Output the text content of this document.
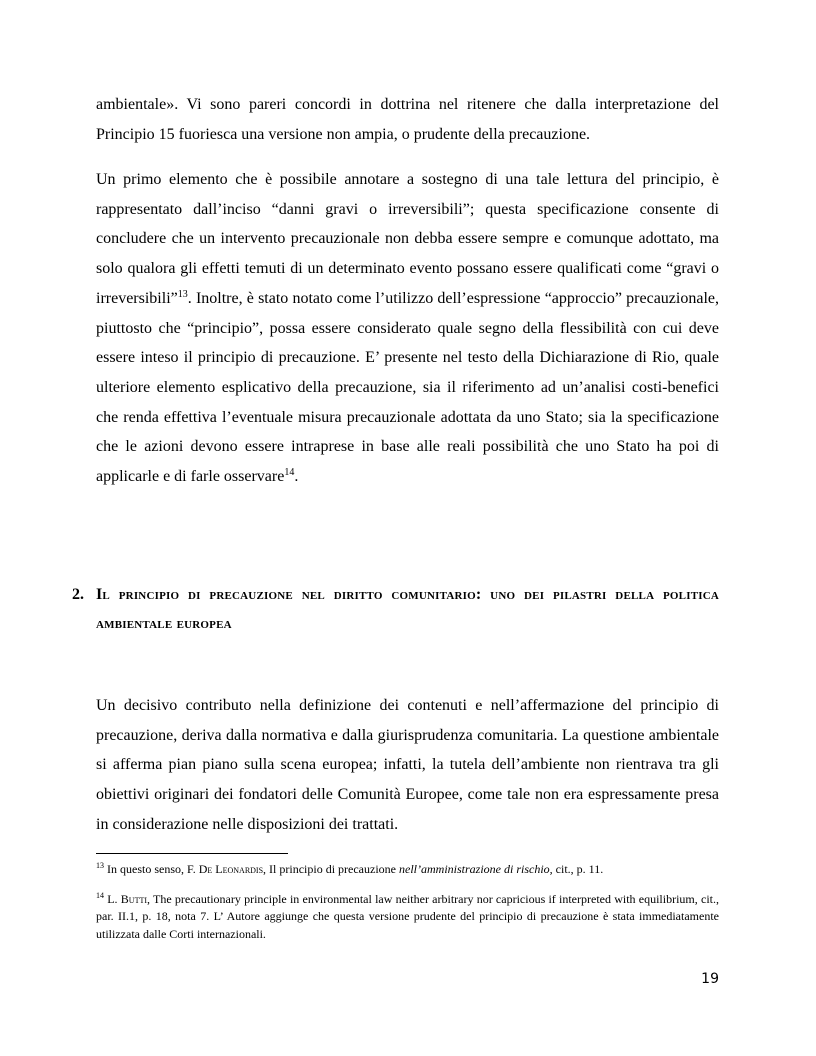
ambientale». Vi sono pareri concordi in dottrina nel ritenere che dalla interpretazione del Principio 15 fuoriesca una versione non ampia, o prudente della precauzione.

Un primo elemento che è possibile annotare a sostegno di una tale lettura del principio, è rappresentato dall’inciso “danni gravi o irreversibili”; questa specificazione consente di concludere che un intervento precauzionale non debba essere sempre e comunque adottato, ma solo qualora gli effetti temuti di un determinato evento possano essere qualificati come “gravi o irreversibili”$^{13}$. Inoltre, è stato notato come l’utilizzo dell’espressione “approccio” precauzionale, piuttosto che “principio”, possa essere considerato quale segno della flessibilità con cui deve essere inteso il principio di precauzione. E’ presente nel testo della Dichiarazione di Rio, quale ulteriore elemento esplicativo della precauzione, sia il riferimento ad un’analisi costi-benefici che renda effettiva l’eventuale misura precauzionale adottata da uno Stato; sia la specificazione che le azioni devono essere intraprese in base alle reali possibilità che uno Stato ha poi di applicarle e di farle osservare$^{14}$.

2. Il principio di precauzione nel diritto comunitario: uno dei pilastri della politica ambientale europea

Un decisivo contributo nella definizione dei contenuti e nell’affermazione del principio di precauzione, deriva dalla normativa e dalla giurisprudenza comunitaria. La questione ambientale si afferma pian piano sulla scena europea; infatti, la tutela dell’ambiente non rientrava tra gli obiettivi originari dei fondatori delle Comunità Europee, come tale non era espressamente presa in considerazione nelle disposizioni dei trattati.

$^{13}$ In questo senso, F. De Leonardis, Il principio di precauzione nell’amministrazione di rischio, cit., p. 11.

$^{14}$ L. Butti, The precautionary principle in environmental law neither arbitrary nor capricious if interpreted with equilibrium, cit., par. II.1, p. 18, nota 7. L’ Autore aggiunge che questa versione prudente del principio di precauzione è stata immediatamente utilizzata dalle Corti internazionali.

19
